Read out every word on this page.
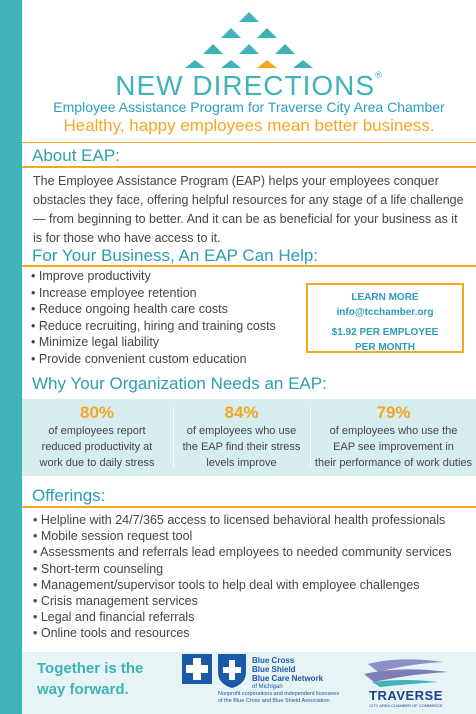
NEW DIRECTIONS®
Employee Assistance Program for Traverse City Area Chamber
Healthy, happy employees mean better business.
About EAP:
The Employee Assistance Program (EAP) helps your employees conquer obstacles they face, offering helpful resources for any stage of a life challenge — from beginning to better. And it can be as beneficial for your business as it is for those who have access to it.
For Your Business, An EAP Can Help:
• Improve productivity
• Increase employee retention
• Reduce ongoing health care costs
• Reduce recruiting, hiring and training costs
• Minimize legal liability
• Provide convenient custom education
LEARN MORE
info@tcchamber.org
$1.92 PER EMPLOYEE
PER MONTH
Why Your Organization Needs an EAP:
80%
of employees report
reduced productivity at
work due to daily stress
84%
of employees who use
the EAP find their stress
levels improve
79%
of employees who use the
EAP see improvement in
their performance of work duties
Offerings:
• Helpline with 24/7/365 access to licensed behavioral health professionals
• Mobile session request tool
• Assessments and referrals lead employees to needed community services
• Short-term counseling
• Management/supervisor tools to help deal with employee challenges
• Crisis management services
• Legal and financial referrals
• Online tools and resources
Together is the
way forward.
Blue Cross
Blue Shield
Blue Care Network
of Michigan
Nonprofit corporations and independent licensees
of the Blue Cross and Blue Shield Association	TRAVERSE
CITY AREA CHAMBER OF COMMERCE
